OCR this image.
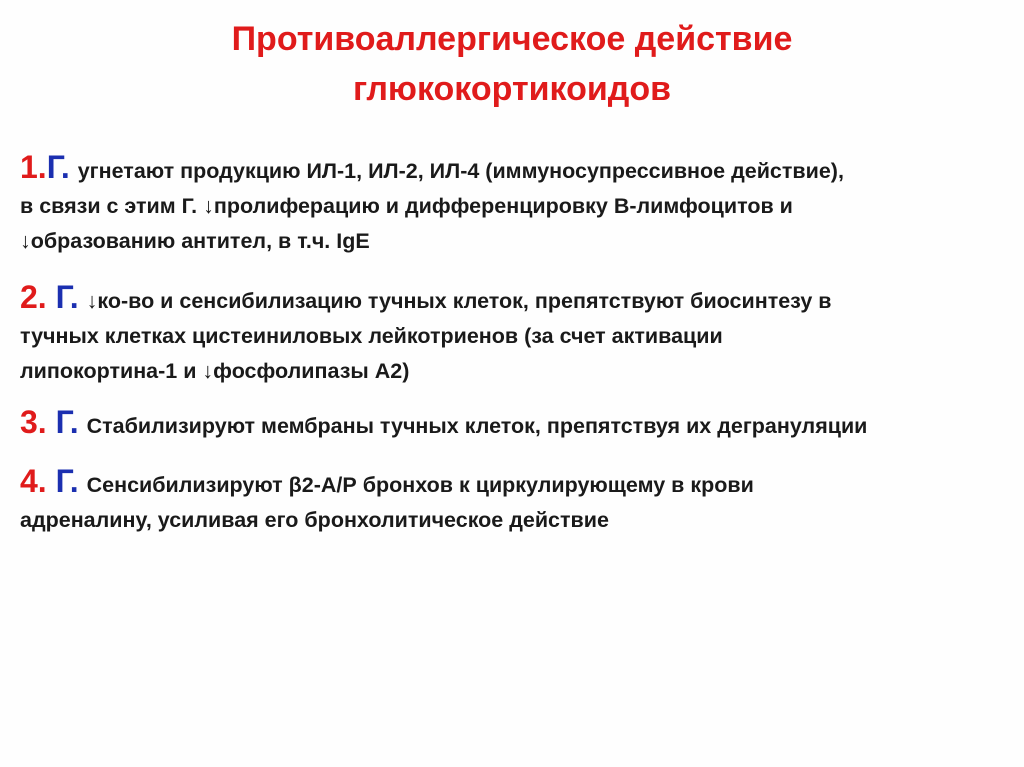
Противоаллергическое действие
глюкокортикоидов
1.Г. угнетают продукцию ИЛ-1, ИЛ-2, ИЛ-4 (иммуносупрессивное действие),
в связи с этим Г. ↓пролиферацию и дифференцировку В-лимфоцитов и
↓образованию антител, в т.ч. IgE
2. Г. ↓ко-во и сенсибилизацию тучных клеток, препятствуют биосинтезу в
тучных клетках цистеиниловых лейкотриенов (за счет активации
липокортина-1 и ↓фосфолипазы А2)
3. Г. Стабилизируют мембраны тучных клеток, препятствуя их дегрануляции
4. Г. Сенсибилизируют β2-А/Р бронхов к циркулирующему в крови
адреналину, усиливая его бронхолитическое действие
